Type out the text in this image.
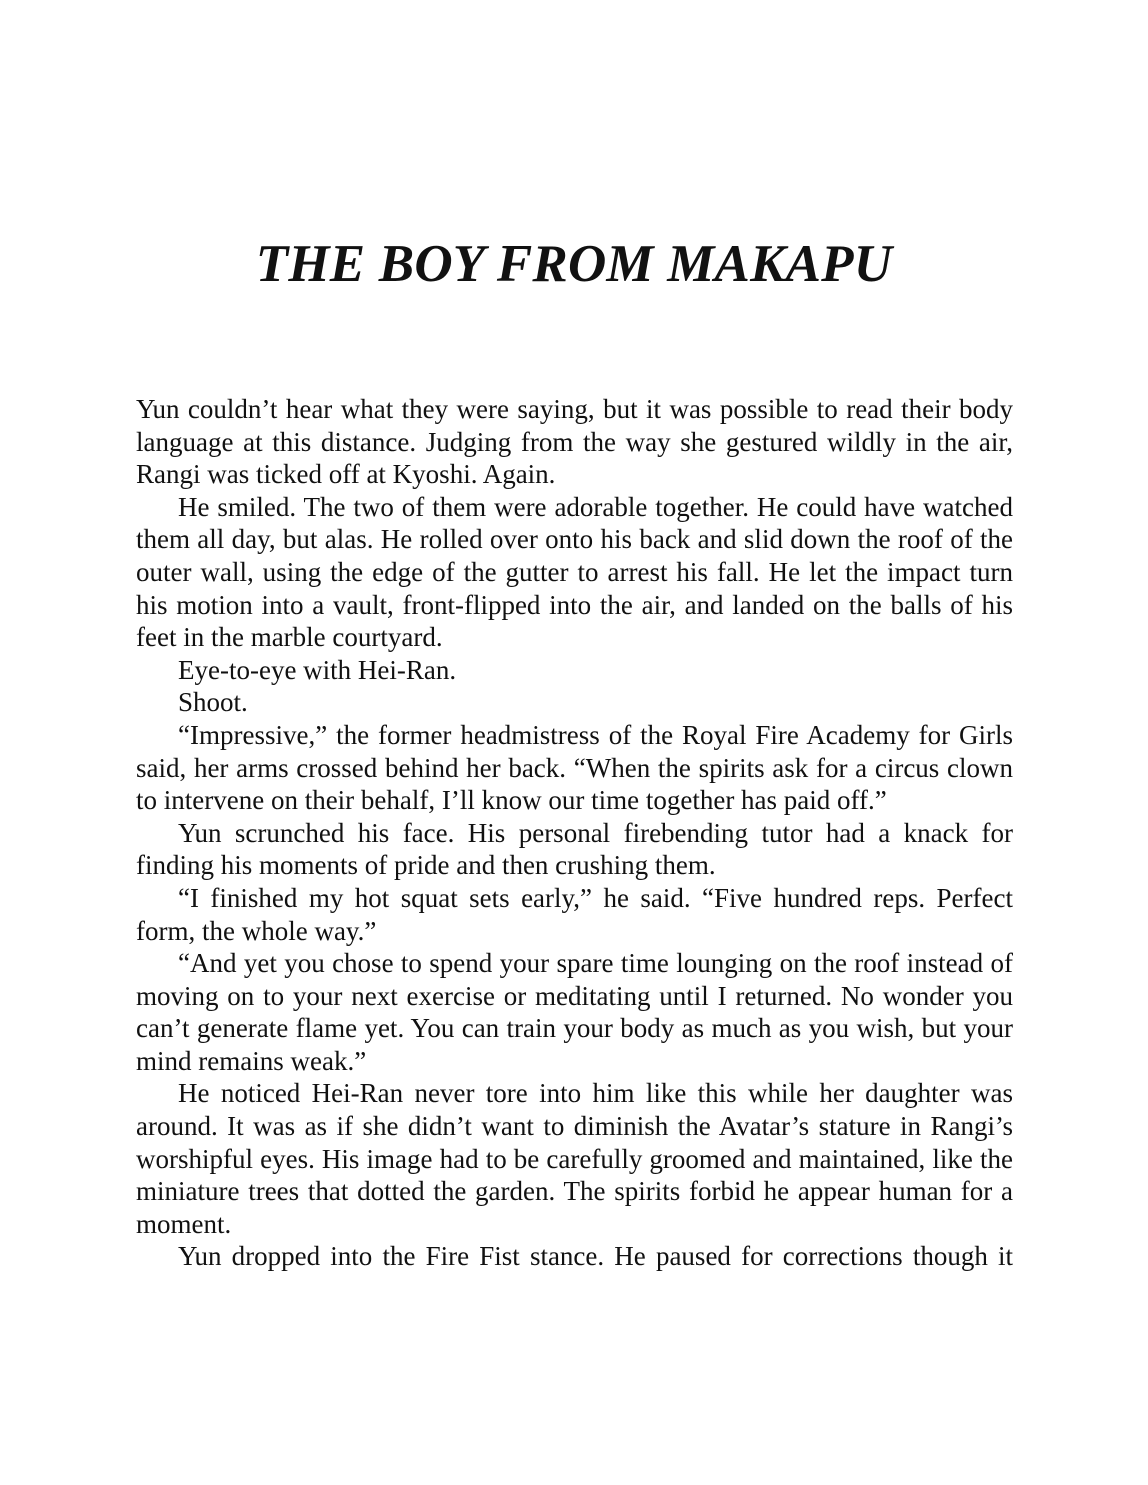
THE BOY FROM MAKAPU

Yun couldn’t hear what they were saying, but it was possible to read their body language at this distance. Judging from the way she gestured wildly in the air, Rangi was ticked off at Kyoshi. Again.

He smiled. The two of them were adorable together. He could have watched them all day, but alas. He rolled over onto his back and slid down the roof of the outer wall, using the edge of the gutter to arrest his fall. He let the impact turn his motion into a vault, front-flipped into the air, and landed on the balls of his feet in the marble courtyard.

Eye-to-eye with Hei-Ran.

Shoot.

“Impressive,” the former headmistress of the Royal Fire Academy for Girls said, her arms crossed behind her back. “When the spirits ask for a circus clown to intervene on their behalf, I’ll know our time together has paid off.”

Yun scrunched his face. His personal firebending tutor had a knack for finding his moments of pride and then crushing them.

“I finished my hot squat sets early,” he said. “Five hundred reps. Perfect form, the whole way.”

“And yet you chose to spend your spare time lounging on the roof instead of moving on to your next exercise or meditating until I returned. No wonder you can’t generate flame yet. You can train your body as much as you wish, but your mind remains weak.”

He noticed Hei-Ran never tore into him like this while her daughter was around. It was as if she didn’t want to diminish the Avatar’s stature in Rangi’s worshipful eyes. His image had to be carefully groomed and maintained, like the miniature trees that dotted the garden. The spirits forbid he appear human for a moment.

Yun dropped into the Fire Fist stance. He paused for corrections though it
